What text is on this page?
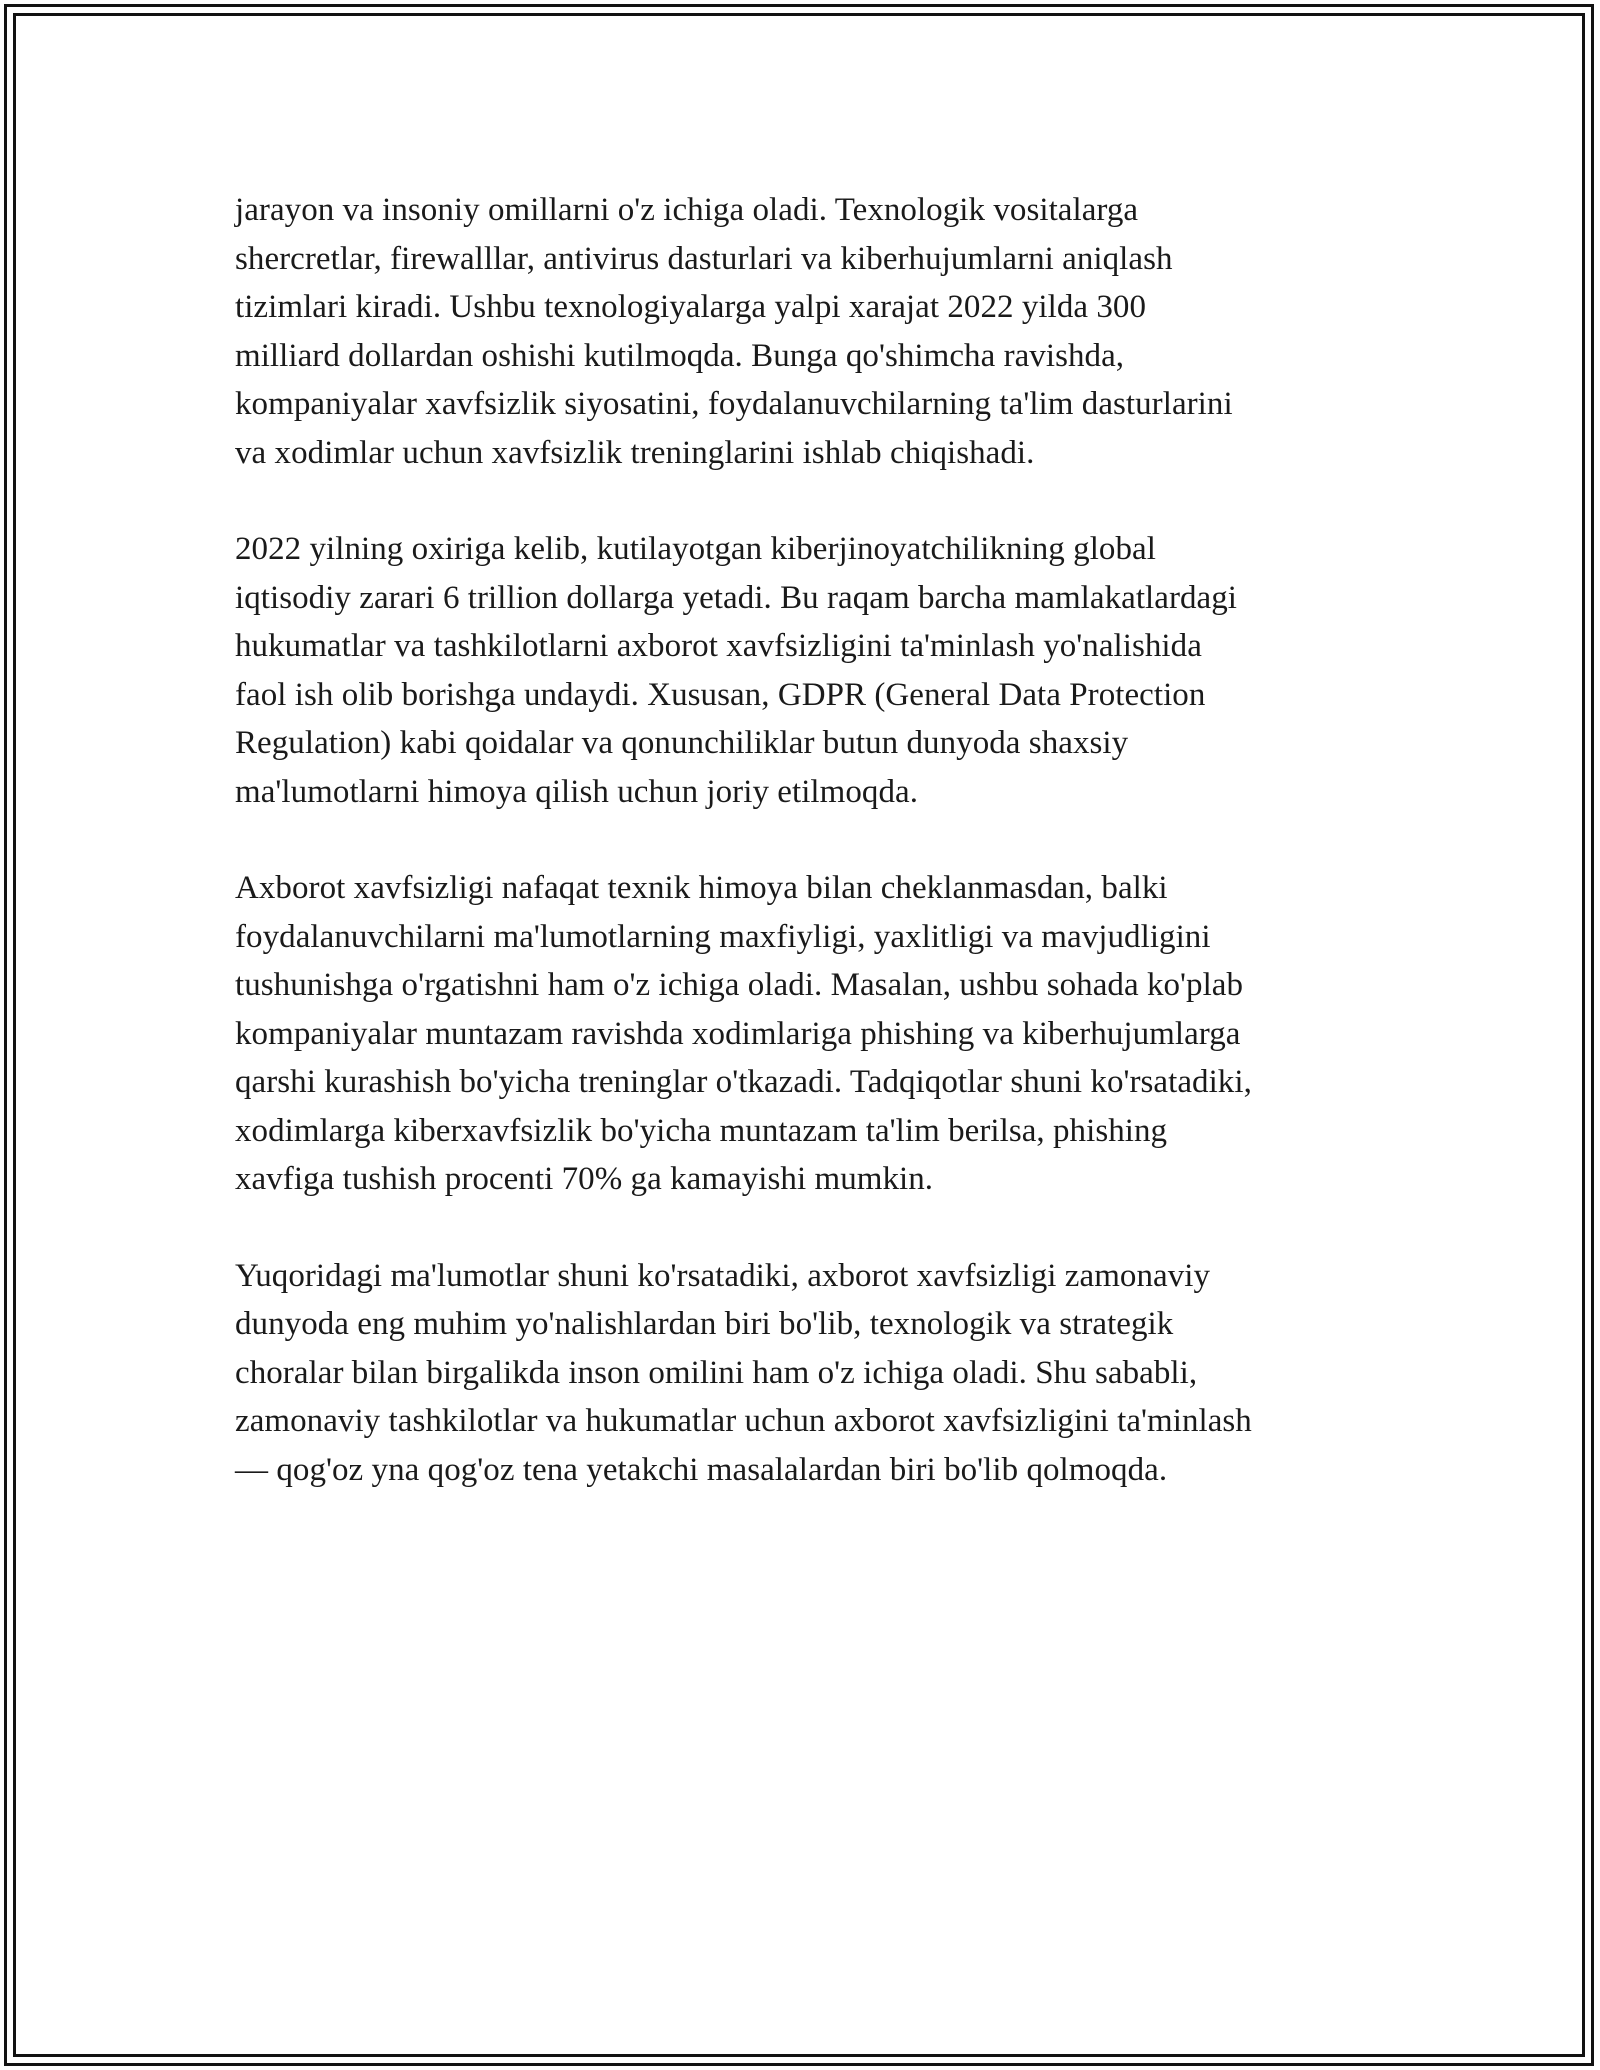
jarayon va insoniy omillarni o'z ichiga oladi. Texnologik vositalarga
shercretlar, firewalllar, antivirus dasturlari va kiberhujumlarni aniqlash
tizimlari kiradi. Ushbu texnologiyalarga yalpi xarajat 2022 yilda 300
milliard dollardan oshishi kutilmoqda. Bunga qo'shimcha ravishda,
kompaniyalar xavfsizlik siyosatini, foydalanuvchilarning ta'lim dasturlarini
va xodimlar uchun xavfsizlik treninglarini ishlab chiqishadi.

2022 yilning oxiriga kelib, kutilayotgan kiberjinoyatchilikning global
iqtisodiy zarari 6 trillion dollarga yetadi. Bu raqam barcha mamlakatlardagi
hukumatlar va tashkilotlarni axborot xavfsizligini ta'minlash yo'nalishida
faol ish olib borishga undaydi. Xususan, GDPR (General Data Protection
Regulation) kabi qoidalar va qonunchiliklar butun dunyoda shaxsiy
ma'lumotlarni himoya qilish uchun joriy etilmoqda.

Axborot xavfsizligi nafaqat texnik himoya bilan cheklanmasdan, balki
foydalanuvchilarni ma'lumotlarning maxfiyligi, yaxlitligi va mavjudligini
tushunishga o'rgatishni ham o'z ichiga oladi. Masalan, ushbu sohada ko'plab
kompaniyalar muntazam ravishda xodimlariga phishing va kiberhujumlarga
qarshi kurashish bo'yicha treninglar o'tkazadi. Tadqiqotlar shuni ko'rsatadiki,
xodimlarga kiberxavfsizlik bo'yicha muntazam ta'lim berilsa, phishing
xavfiga tushish procenti 70% ga kamayishi mumkin.

Yuqoridagi ma'lumotlar shuni ko'rsatadiki, axborot xavfsizligi zamonaviy
dunyoda eng muhim yo'nalishlardan biri bo'lib, texnologik va strategik
choralar bilan birgalikda inson omilini ham o'z ichiga oladi. Shu sababli,
zamonaviy tashkilotlar va hukumatlar uchun axborot xavfsizligini ta'minlash
— qog'oz yna qog'oz tena yetakchi masalalardan biri bo'lib qolmoqda.
